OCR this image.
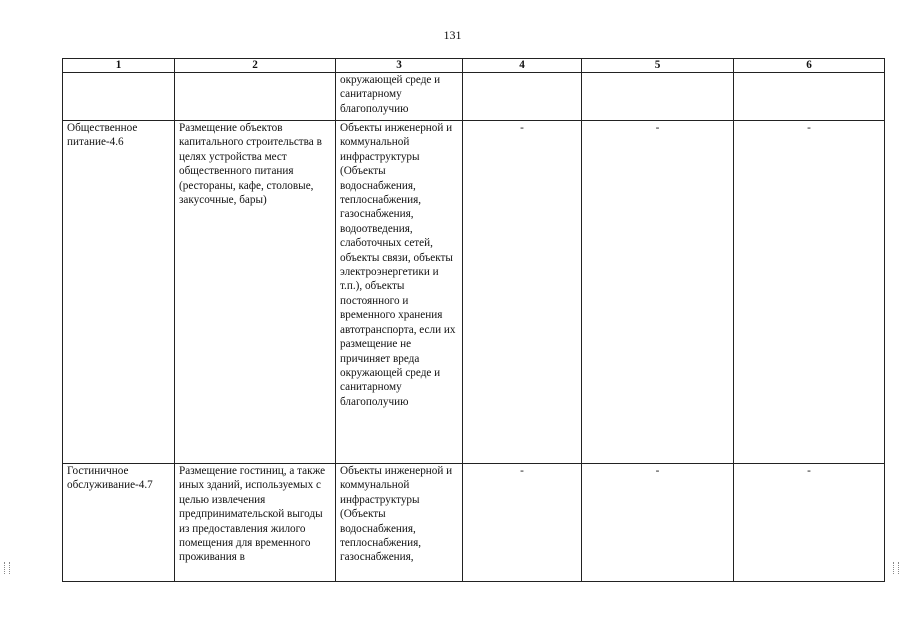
131
1	2	3	4	5	6
		окружающей среде и санитарному благополучию			
Общественное питание-4.6	Размещение объектов капитального строительства в целях устройства мест общественного питания (рестораны, кафе, столовые, закусочные, бары)	Объекты инженерной и коммунальной инфраструктуры (Объекты водоснабжения, теплоснабжения, газоснабжения, водоотведения, слаботочных сетей, объекты связи, объекты электроэнергетики и т.п.), объекты постоянного и временного хранения автотранспорта, если их размещение не причиняет вреда окружающей среде и санитарному благополучию	-	-	-
Гостиничное обслуживание-4.7	Размещение гостиниц, а также иных зданий, используемых с целью извлечения предпринимательской выгоды из предоставления жилого помещения для временного проживания в	Объекты инженерной и коммунальной инфраструктуры (Объекты водоснабжения, теплоснабжения, газоснабжения,	-	-	-
